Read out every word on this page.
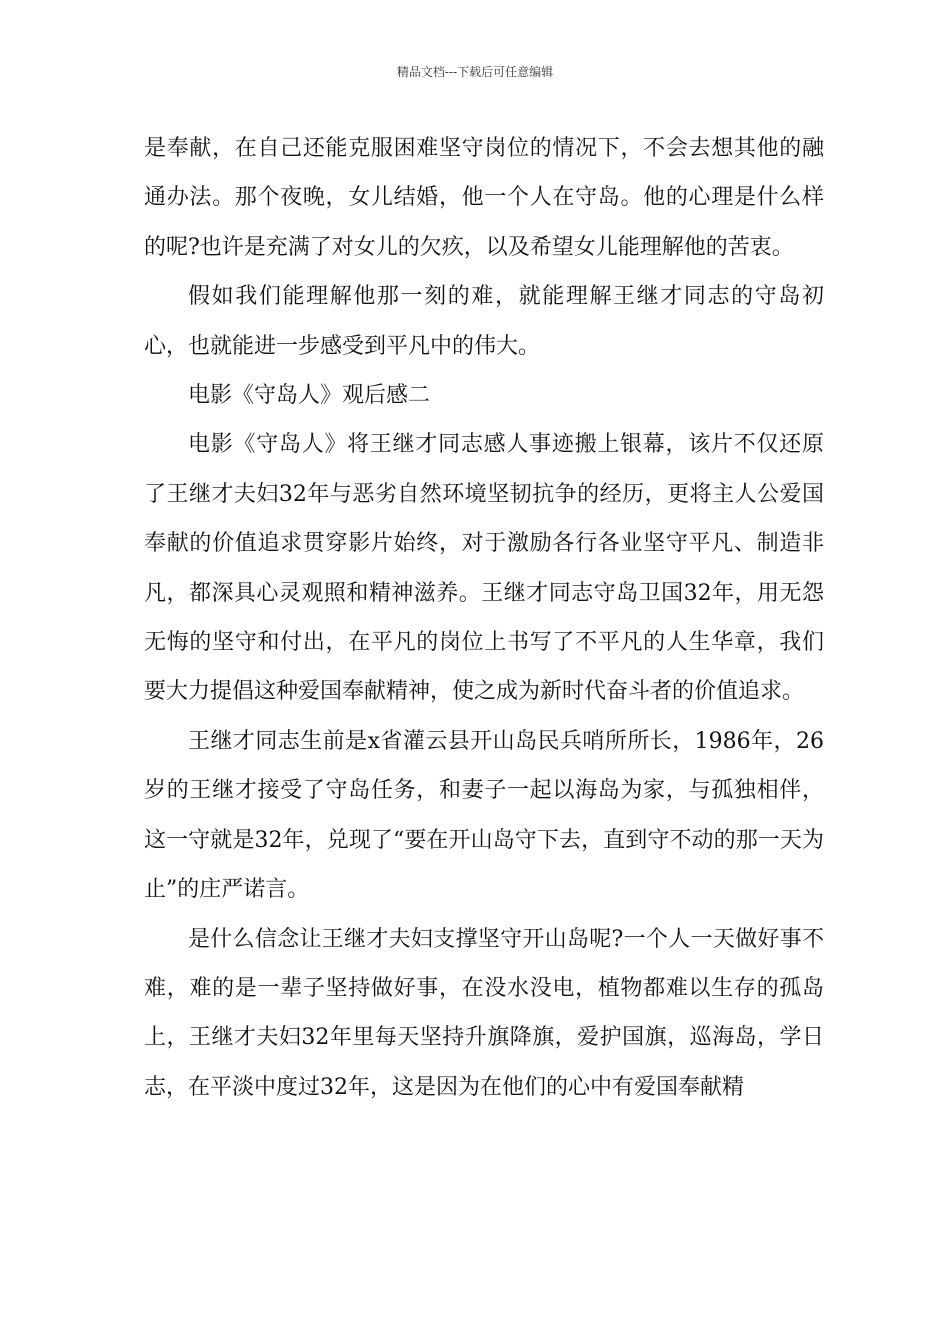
精品文档---下载后可任意编辑

是奉献，在自己还能克服困难坚守岗位的情况下，不会去想其他的融通办法。那个夜晚，女儿结婚，他一个人在守岛。他的心理是什么样的呢?也许是充满了对女儿的欠疚，以及希望女儿能理解他的苦衷。

假如我们能理解他那一刻的难，就能理解王继才同志的守岛初心，也就能进一步感受到平凡中的伟大。

电影《守岛人》观后感二

电影《守岛人》将王继才同志感人事迹搬上银幕，该片不仅还原了王继才夫妇32年与恶劣自然环境坚韧抗争的经历，更将主人公爱国奉献的价值追求贯穿影片始终，对于激励各行各业坚守平凡、制造非凡，都深具心灵观照和精神滋养。王继才同志守岛卫国32年，用无怨无悔的坚守和付出，在平凡的岗位上书写了不平凡的人生华章，我们要大力提倡这种爱国奉献精神，使之成为新时代奋斗者的价值追求。

王继才同志生前是x省灌云县开山岛民兵哨所所长，1986年，26岁的王继才接受了守岛任务，和妻子一起以海岛为家，与孤独相伴，这一守就是32年，兑现了“要在开山岛守下去，直到守不动的那一天为止”的庄严诺言。

是什么信念让王继才夫妇支撑坚守开山岛呢?一个人一天做好事不难，难的是一辈子坚持做好事，在没水没电，植物都难以生存的孤岛上，王继才夫妇32年里每天坚持升旗降旗，爱护国旗，巡海岛，学日志，在平淡中度过32年，这是因为在他们的心中有爱国奉献精
